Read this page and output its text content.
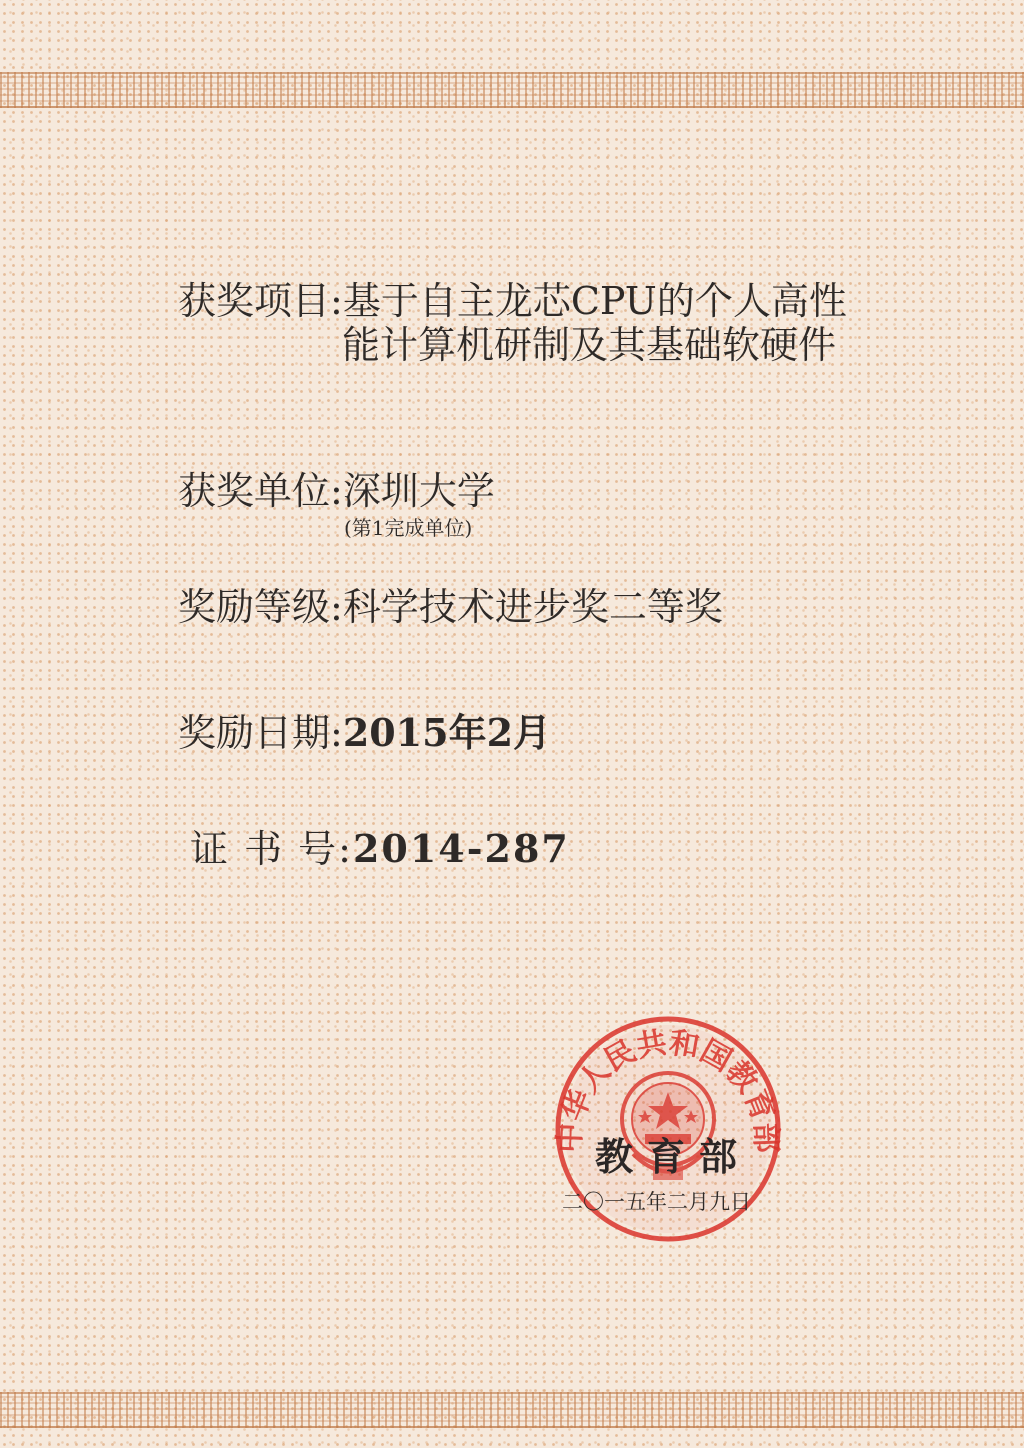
获奖项目:基于自主龙芯CPU的个人高性
能计算机研制及其基础软硬件
获奖单位:深圳大学
(第1完成单位)
奖励等级:科学技术进步奖二等奖
奖励日期:2015年2月
证 书 号:2014-287
中华人民共和国教育部
教育部
二〇一五年二月九日
